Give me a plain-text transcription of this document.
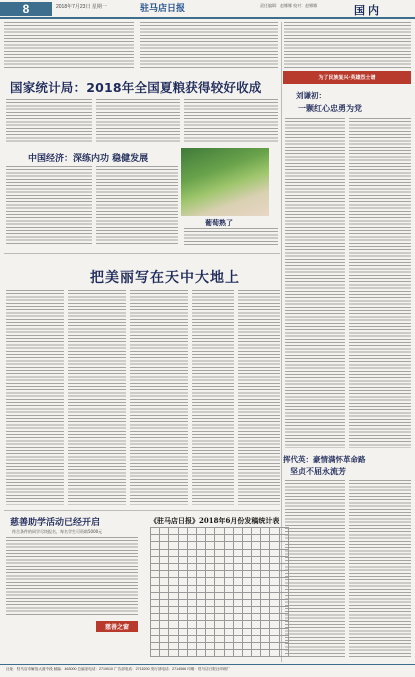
8	2018年7月23日 星期一	驻马店日报	责任编辑：赵娜娜 校对：赵娜娜	国内
国家统计局：2018年全国夏粮获得较好收成
中国经济：深练内功 稳健发展
葡萄熟了
把美丽写在天中大地上
为了民族复兴·英雄烈士谱
刘谦初：
一颗红心忠勇为党
挥代英：豪情满怀革命路
坚贞不屈永流芳
慈善助学活动已经开启
符合条件的同学尽快报名，每名学生可资助5000元
慈善之窗
《驻马店日报》2018年6月份发稿统计表

社址：驻马店市解放大道中段 邮编：463000 总编室电话：2719010 广告部电话：2715200 发行部电话：2714066 印刷：驻马店日报社印刷厂
